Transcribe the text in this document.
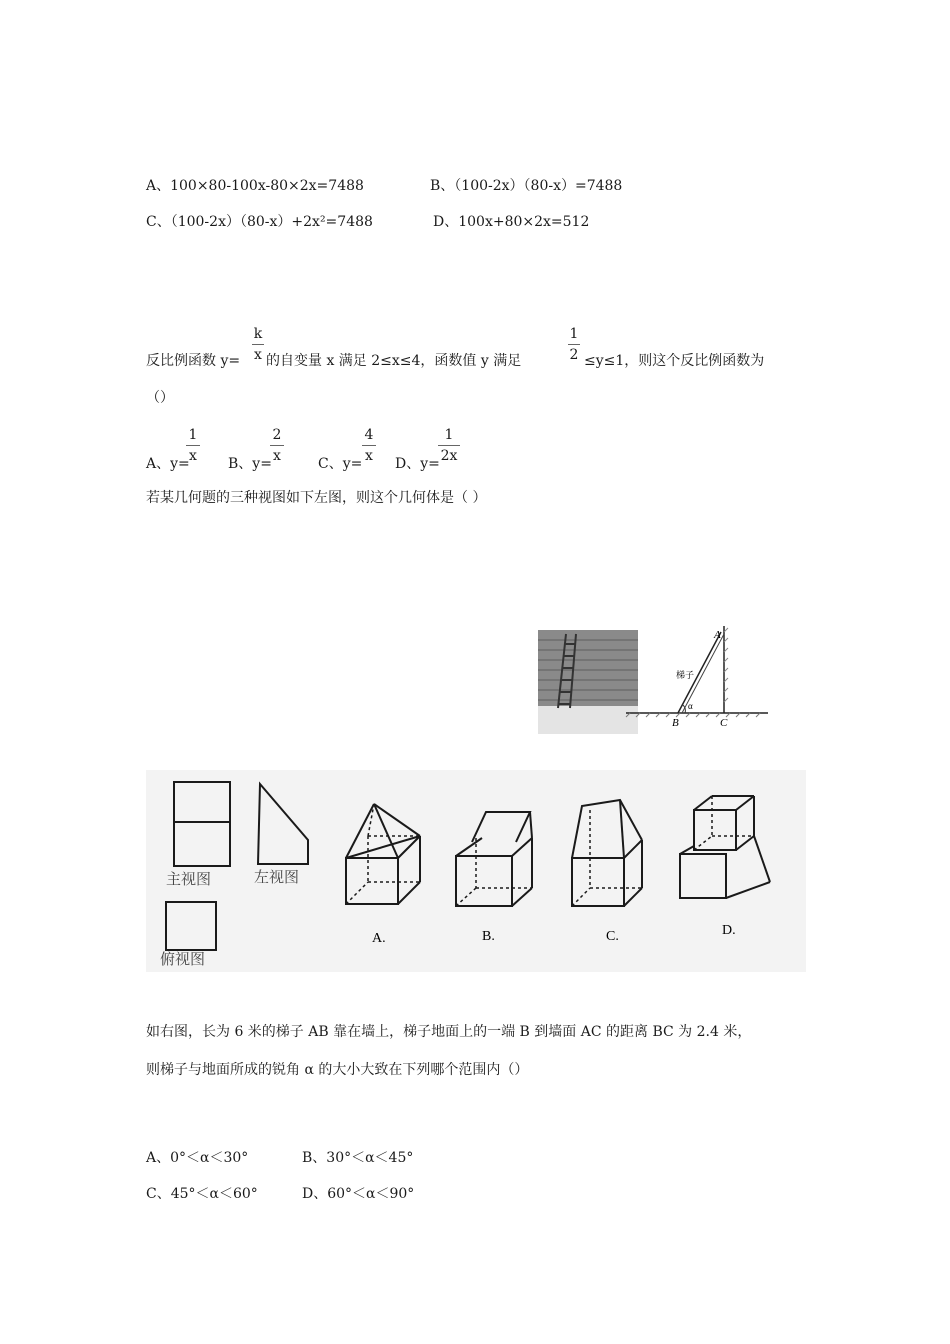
A、100×80-100x-80×2x=7488	B、（100-2x）（80-x）=7488
C、（100-2x）（80-x）+2x²=7488	D、100x+80×2x=512
反比例函数 y=
k
x 的自变量 x 满足 2≤x≤4，函数值 y 满足
1
2 ≤y≤1，则这个反比例函数为
（）
A、y=
1
x B、y=
2
x	C、y=
4
x D、y=
1
2x
若某几何题的三种视图如下左图，则这个几何体是（ ）
A
B	C
α
梯子
主视图	左视图
俯视图
A.	B.	C.	D.
如右图，长为 6 米的梯子 AB 靠在墙上，梯子地面上的一端 B 到墙面 AC 的距离 BC 为 2.4 米，
则梯子与地面所成的锐角 α 的大小大致在下列哪个范围内（）
A、0°＜α＜30°	B、30°＜α＜45°
C、45°＜α＜60°	D、60°＜α＜90°
